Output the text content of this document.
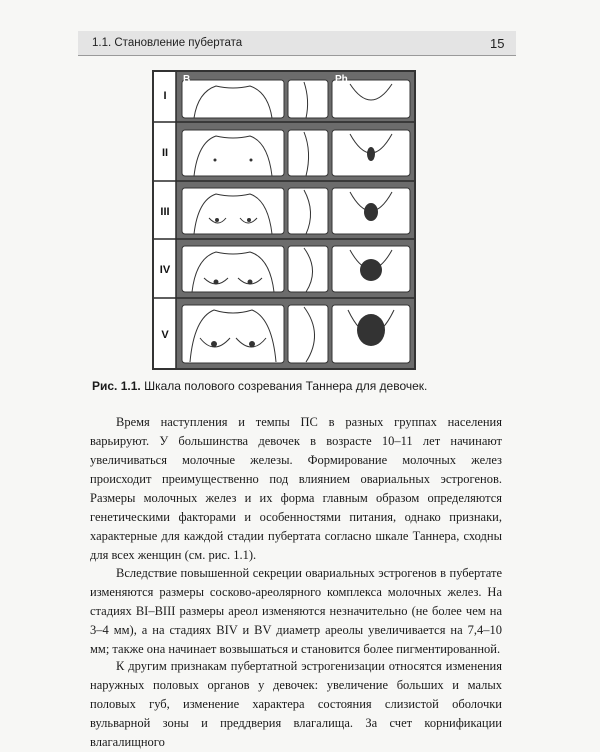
1.1. Становление пубертата	15
B	Ph
I
II
III
IV
V
Рис. 1.1. Шкала полового созревания Таннера для девочек.

Время наступления и темпы ПС в разных группах населения варьируют. У большинства девочек в возрасте 10–11 лет начинают увеличиваться молочные железы. Формирование молочных желез происходит преимущественно под влиянием овариальных эстрогенов. Размеры молочных желез и их форма главным образом определяются генетическими факторами и особенностями питания, однако признаки, характерные для каждой стадии пубертата согласно шкале Таннера, сходны для всех женщин (см. рис. 1.1).

Вследствие повышенной секреции овариальных эстрогенов в пубертате изменяются размеры сосково-ареолярного комплекса молочных желез. На стадиях BI–BIII размеры ареол изменяются незначительно (не более чем на 3–4 мм), а на стадиях BIV и BV диаметр ареолы увеличивается на 7,4–10 мм; также она начинает возвышаться и становится более пигментированной.

К другим признакам пубертатной эстрогенизации относятся изменения наружных половых органов у девочек: увеличение больших и малых половых губ, изменение характера состояния слизистой оболочки вульварной зоны и преддверия влагалища. За счет корнификации влагалищного
